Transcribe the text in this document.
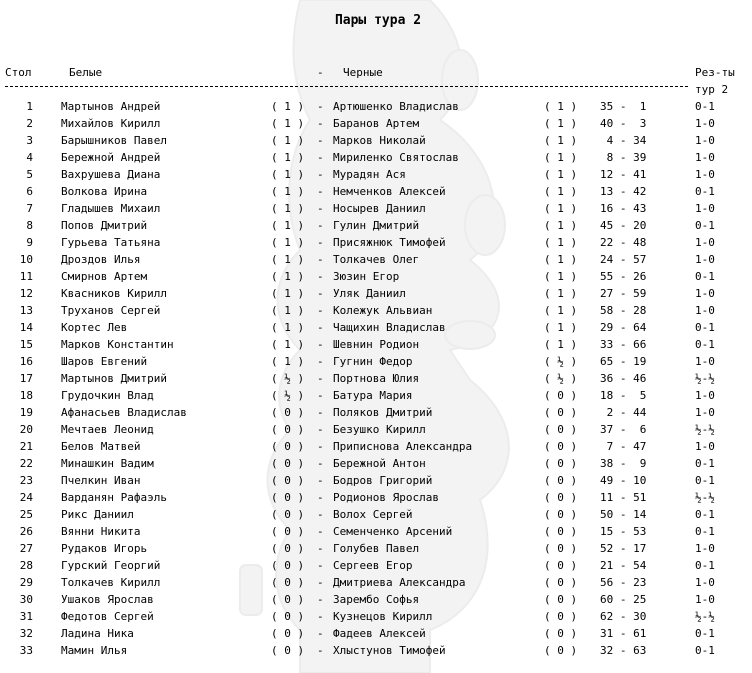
Пары тура 2
Стол	Белые	- Черные	Рез-ты
тур 2
1	Мартынов Андрей	( 1 ) - Артюшенко Владислав	( 1 ) 35 -  1	0-1
2	Михайлов Кирилл	( 1 ) - Баранов Артем	( 1 ) 40 -  3	1-0
3	Барышников Павел	( 1 ) - Марков Николай	( 1 ) 4 - 34	1-0
4	Бережной Андрей	( 1 ) - Мириленко Святослав	( 1 ) 8 - 39	1-0
5	Вахрушева Диана	( 1 ) - Мурадян Ася	( 1 ) 12 - 41	1-0
6	Волкова Ирина	( 1 ) - Немченков Алексей	( 1 ) 13 - 42	0-1
7	Гладышев Михаил	( 1 ) - Носырев Даниил	( 1 ) 16 - 43	1-0
8	Попов Дмитрий	( 1 ) - Гулин Дмитрий	( 1 ) 45 - 20	0-1
9	Гурьева Татьяна	( 1 ) - Присяжнюк Тимофей	( 1 ) 22 - 48	1-0
10	Дроздов Илья	( 1 ) - Толкачев Олег	( 1 ) 24 - 57	1-0
11	Смирнов Артем	( 1 ) - Зюзин Егор	( 1 ) 55 - 26	0-1
12	Квасников Кирилл	( 1 ) - Уляк Даниил	( 1 ) 27 - 59	1-0
13	Труханов Сергей	( 1 ) - Колежук Альвиан	( 1 ) 58 - 28	1-0
14	Кортес Лев	( 1 ) - Чащихин Владислав	( 1 ) 29 - 64	0-1
15	Марков Константин	( 1 ) - Шевнин Родион	( 1 ) 33 - 66	0-1
16	Шаров Евгений	( 1 ) - Гугнин Федор	( ½ ) 65 - 19	1-0
17	Мартынов Дмитрий	( ½ ) - Портнова Юлия	( ½ ) 36 - 46	½-½
18	Грудочкин Влад	( ½ ) - Батура Мария	( 0 ) 18 -  5	1-0
19	Афанасьев Владислав	( 0 ) - Поляков Дмитрий	( 0 ) 2 - 44	1-0
20	Мечтаев Леонид	( 0 ) - Безушко Кирилл	( 0 ) 37 -  6	½-½
21	Белов Матвей	( 0 ) - Приписнова Александра	( 0 ) 7 - 47	1-0
22	Минашкин Вадим	( 0 ) - Бережной Антон	( 0 ) 38 -  9	0-1
23	Пчелкин Иван	( 0 ) - Бодров Григорий	( 0 ) 49 - 10	0-1
24	Варданян Рафаэль	( 0 ) - Родионов Ярослав	( 0 ) 11 - 51	½-½
25	Рикс Даниил	( 0 ) - Волох Сергей	( 0 ) 50 - 14	0-1
26	Вянни Никита	( 0 ) - Семенченко Арсений	( 0 ) 15 - 53	0-1
27	Рудаков Игорь	( 0 ) - Голубев Павел	( 0 ) 52 - 17	1-0
28	Гурский Георгий	( 0 ) - Сергеев Егор	( 0 ) 21 - 54	0-1
29	Толкачев Кирилл	( 0 ) - Дмитриева Александра	( 0 ) 56 - 23	1-0
30	Ушаков Ярослав	( 0 ) - Зарембо Софья	( 0 ) 60 - 25	1-0
31	Федотов Сергей	( 0 ) - Кузнецов Кирилл	( 0 ) 62 - 30	½-½
32	Ладина Ника	( 0 ) - Фадеев Алексей	( 0 ) 31 - 61	0-1
33	Мамин Илья	( 0 ) - Хлыстунов Тимофей	( 0 ) 32 - 63	0-1
